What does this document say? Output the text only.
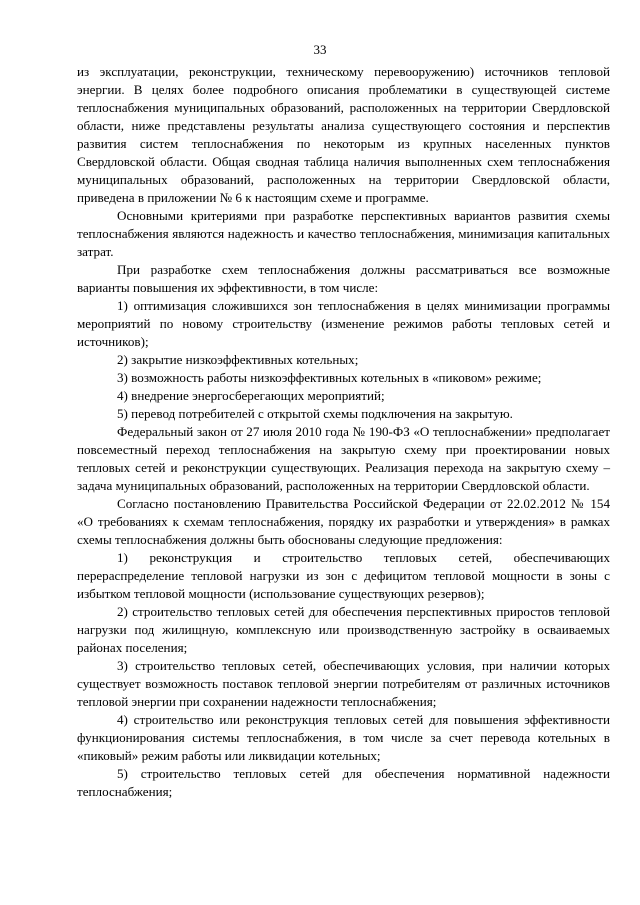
33

из эксплуатации, реконструкции, техническому перевооружению) источников тепловой энергии. В целях более подробного описания проблематики в существующей системе теплоснабжения муниципальных образований, расположенных на территории Свердловской области, ниже представлены результаты анализа существующего состояния и перспектив развития систем теплоснабжения по некоторым из крупных населенных пунктов Свердловской области. Общая сводная таблица наличия выполненных схем теплоснабжения муниципальных образований, расположенных на территории Свердловской области, приведена в приложении № 6 к настоящим схеме и программе.

Основными критериями при разработке перспективных вариантов развития схемы теплоснабжения являются надежность и качество теплоснабжения, минимизация капитальных затрат.

При разработке схем теплоснабжения должны рассматриваться все возможные варианты повышения их эффективности, в том числе:

1) оптимизация сложившихся зон теплоснабжения в целях минимизации программы мероприятий по новому строительству (изменение режимов работы тепловых сетей и источников);

2) закрытие низкоэффективных котельных;

3) возможность работы низкоэффективных котельных в «пиковом» режиме;

4) внедрение энергосберегающих мероприятий;

5) перевод потребителей с открытой схемы подключения на закрытую.

Федеральный закон от 27 июля 2010 года № 190-ФЗ «О теплоснабжении» предполагает повсеместный переход теплоснабжения на закрытую схему при проектировании новых тепловых сетей и реконструкции существующих. Реализация перехода на закрытую схему – задача муниципальных образований, расположенных на территории Свердловской области.

Согласно постановлению Правительства Российской Федерации от 22.02.2012 № 154 «О требованиях к схемам теплоснабжения, порядку их разработки и утверждения» в рамках схемы теплоснабжения должны быть обоснованы следующие предложения:

1) реконструкция и строительство тепловых сетей, обеспечивающих перераспределение тепловой нагрузки из зон с дефицитом тепловой мощности в зоны с избытком тепловой мощности (использование существующих резервов);

2) строительство тепловых сетей для обеспечения перспективных приростов тепловой нагрузки под жилищную, комплексную или производственную застройку в осваиваемых районах поселения;

3) строительство тепловых сетей, обеспечивающих условия, при наличии которых существует возможность поставок тепловой энергии потребителям от различных источников тепловой энергии при сохранении надежности теплоснабжения;

4) строительство или реконструкция тепловых сетей для повышения эффективности функционирования системы теплоснабжения, в том числе за счет перевода котельных в «пиковый» режим работы или ликвидации котельных;

5) строительство тепловых сетей для обеспечения нормативной надежности теплоснабжения;
